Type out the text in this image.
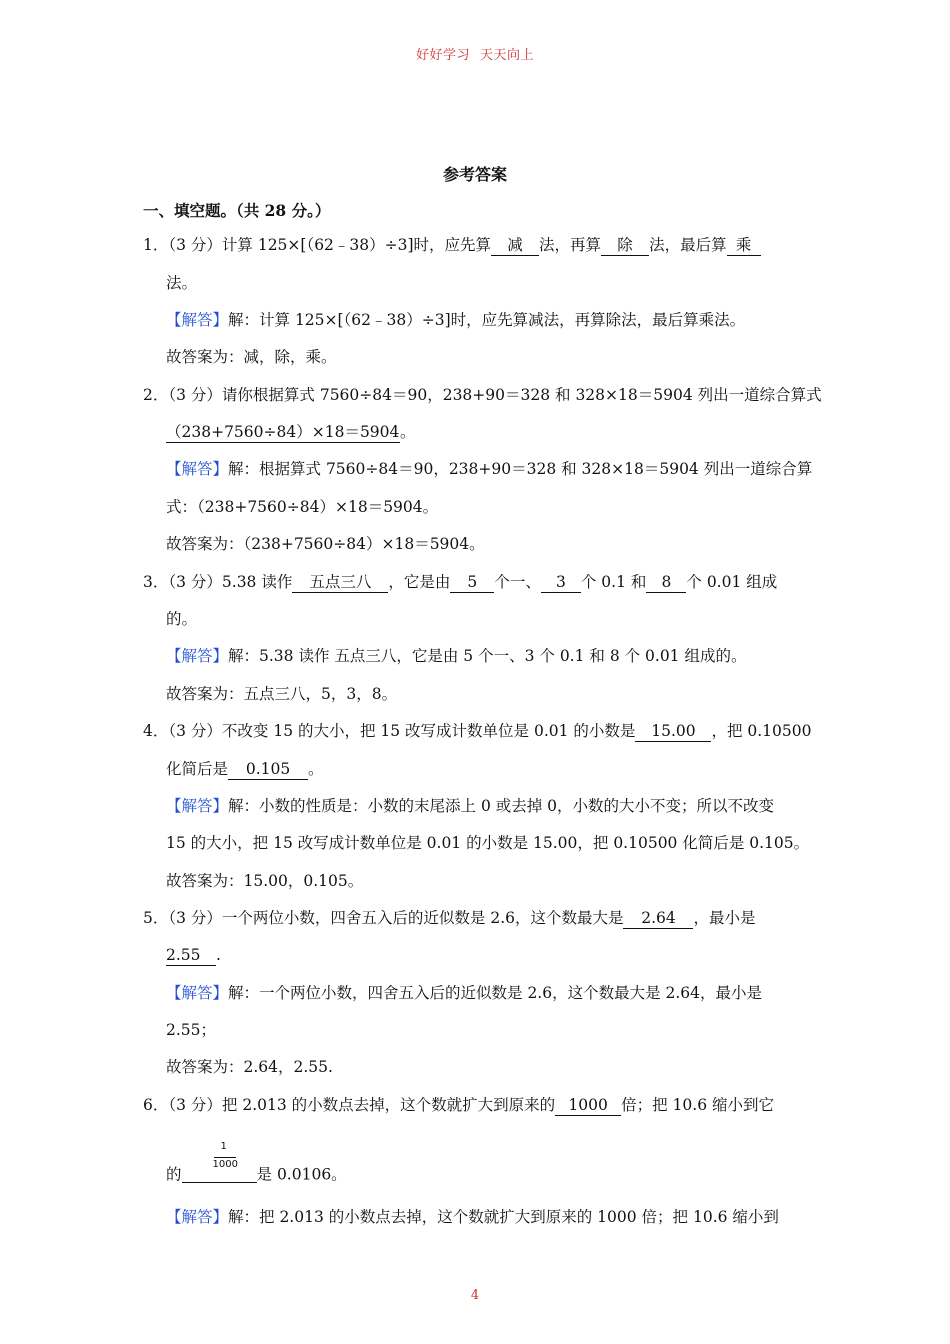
好好学习 天天向上
参考答案
一、填空题。（共 28 分。）
1．（3 分）计算 125×[（62﹣38）÷3]时，应先算 减 法，再算 除 法，最后算 乘
法。
【解答】解：计算 125×[（62﹣38）÷3]时，应先算减法，再算除法，最后算乘法。
故答案为：减，除，乘。
2．（3 分）请你根据算式 7560÷84＝90，238+90＝328 和 328×18＝5904 列出一道综合算式
（238+7560÷84）×18＝5904。
【解答】解：根据算式 7560÷84＝90，238+90＝328 和 328×18＝5904 列出一道综合算
式：（238+7560÷84）×18＝5904。
故答案为：（238+7560÷84）×18＝5904。
3．（3 分）5.38 读作 五点三八 ，它是由 5 个一、 3 个 0.1 和 8 个 0.01 组成
的。
【解答】解：5.38 读作 五点三八，它是由 5 个一、3 个 0.1 和 8 个 0.01 组成的。
故答案为：五点三八，5，3，8。
4．（3 分）不改变 15 的大小，把 15 改写成计数单位是 0.01 的小数是 15.00 ，把 0.10500
化简后是 0.105 。
【解答】解：小数的性质是：小数的末尾添上 0 或去掉 0，小数的大小不变；所以不改变
15 的大小，把 15 改写成计数单位是 0.01 的小数是 15.00，把 0.10500 化简后是 0.105。
故答案为：15.00，0.105。
5．（3 分）一个两位小数，四舍五入后的近似数是 2.6，这个数最大是 2.64 ，最小是
2.55 .
【解答】解：一个两位小数，四舍五入后的近似数是 2.6，这个数最大是 2.64，最小是
2.55；
故答案为：2.64，2.55.
6．（3 分）把 2.013 的小数点去掉，这个数就扩大到原来的 1000 倍；把 10.6 缩小到它
的 $\frac{1}{1000}$ 是 0.0106。
【解答】解：把 2.013 的小数点去掉，这个数就扩大到原来的 1000 倍；把 10.6 缩小到
4
